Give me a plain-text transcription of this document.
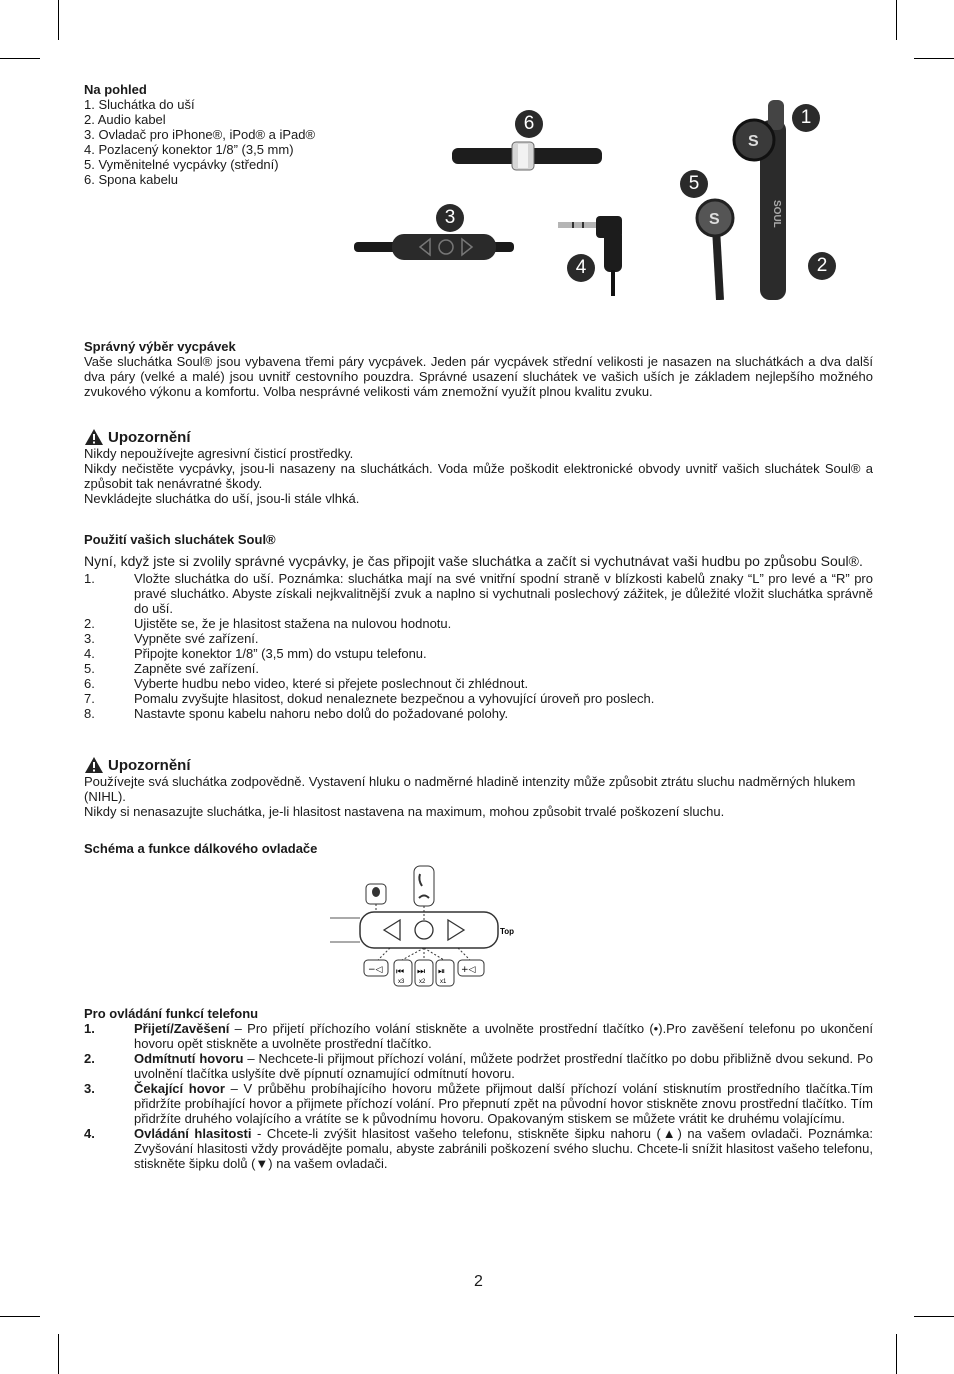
Na pohled
1. Sluchátka do uší
2. Audio kabel
3. Ovladač pro iPhone®, iPod® a iPad®
4. Pozlacený konektor 1/8” (3,5 mm)
5. Vyměnitelné vycpávky (střední)
6. Spona kabelu
S
S
SOUL
1
2
3
4
5
6
Správný výběr vycpávek
Vaše sluchátka Soul® jsou vybavena třemi páry vycpávek. Jeden pár vycpávek střední velikosti je nasazen na sluchátkách a dva další dva páry (velké a malé) jsou uvnitř cestovního pouzdra. Správné usazení sluchátek ve vašich uších je základem nejlepšího možného zvukového výkonu a komfortu. Volba nesprávné velikosti vám znemožní využít plnou kvalitu zvuku.
Upozornění
Nikdy nepoužívejte agresivní čisticí prostředky.
Nikdy nečistěte vycpávky, jsou-li nasazeny na sluchátkách. Voda může poškodit elektronické obvody uvnitř vašich sluchátek Soul® a způsobit tak nenávratné škody.
Nevkládejte sluchátka do uší, jsou-li stále vlhká.
Použití vašich sluchátek Soul®
Nyní, když jste si zvolily správné vycpávky, je čas připojit vaše sluchátka a začít si vychutnávat vaši hudbu po způsobu Soul®.
1.	Vložte sluchátka do uší. Poznámka: sluchátka mají na své vnitřní spodní straně v blízkosti kabelů znaky “L” pro levé a “R” pro pravé sluchátko. Abyste získali nejkvalitnější zvuk a naplno si vychutnali poslechový zážitek, je důležité vložit sluchátka správně do uší.
2.	Ujistěte se, že je hlasitost stažena na nulovou hodnotu.
3.	Vypněte své zařízení.
4.	Připojte konektor 1/8” (3,5 mm) do vstupu telefonu.
5.	Zapněte své zařízení.
6.	Vyberte hudbu nebo video, které si přejete poslechnout či zhlédnout.
7.	Pomalu zvyšujte hlasitost, dokud nenaleznete bezpečnou a vyhovující úroveň pro poslech.
8.	Nastavte sponu kabelu nahoru nebo dolů do požadované polohy.
Upozornění
Používejte svá sluchátka zodpovědně. Vystavení hluku o nadměrné hladině intenzity může způsobit ztrátu sluchu nadměrných hlukem (NIHL).
Nikdy si nenasazujte sluchátka, je-li hlasitost nastavena na maximum, mohou způsobit trvalé poškození sluchu.
Schéma a funkce dálkového ovladače
Top
−◁ ⏮
x3
⏭
x2
⏯
x1
+◁
Pro ovládání funkcí telefonu
1.	Přijetí/Zavěšení – Pro přijetí příchozího volání stiskněte a uvolněte prostřední tlačítko (•).Pro zavěšení telefonu po ukončení hovoru opět stiskněte a uvolněte prostřední tlačítko.
2.	Odmítnutí hovoru – Nechcete-li přijmout příchozí volání, můžete podržet prostřední tlačítko po dobu přibližně dvou sekund. Po uvolnění tlačítka uslyšíte dvě pípnutí oznamující odmítnutí hovoru.
3.	Čekající hovor – V průběhu probíhajícího hovoru můžete přijmout další příchozí volání stisknutím prostředního tlačítka.Tím přidržíte probíhající hovor a přijmete příchozí volání. Pro přepnutí zpět na původní hovor stiskněte znovu prostřední tlačítko. Tím přidržíte druhého volajícího a vrátíte se k původnímu hovoru. Opakovaným stiskem se můžete vrátit ke druhému volajícímu.
4.	Ovládání hlasitosti - Chcete-li zvýšit hlasitost vašeho telefonu, stiskněte šipku nahoru (▲) na vašem ovladači. Poznámka: Zvyšování hlasitosti vždy provádějte pomalu, abyste zabránili poškození svého sluchu. Chcete-li snížit hlasitost vašeho telefonu, stiskněte šipku dolů (▼) na vašem ovladači.
2
